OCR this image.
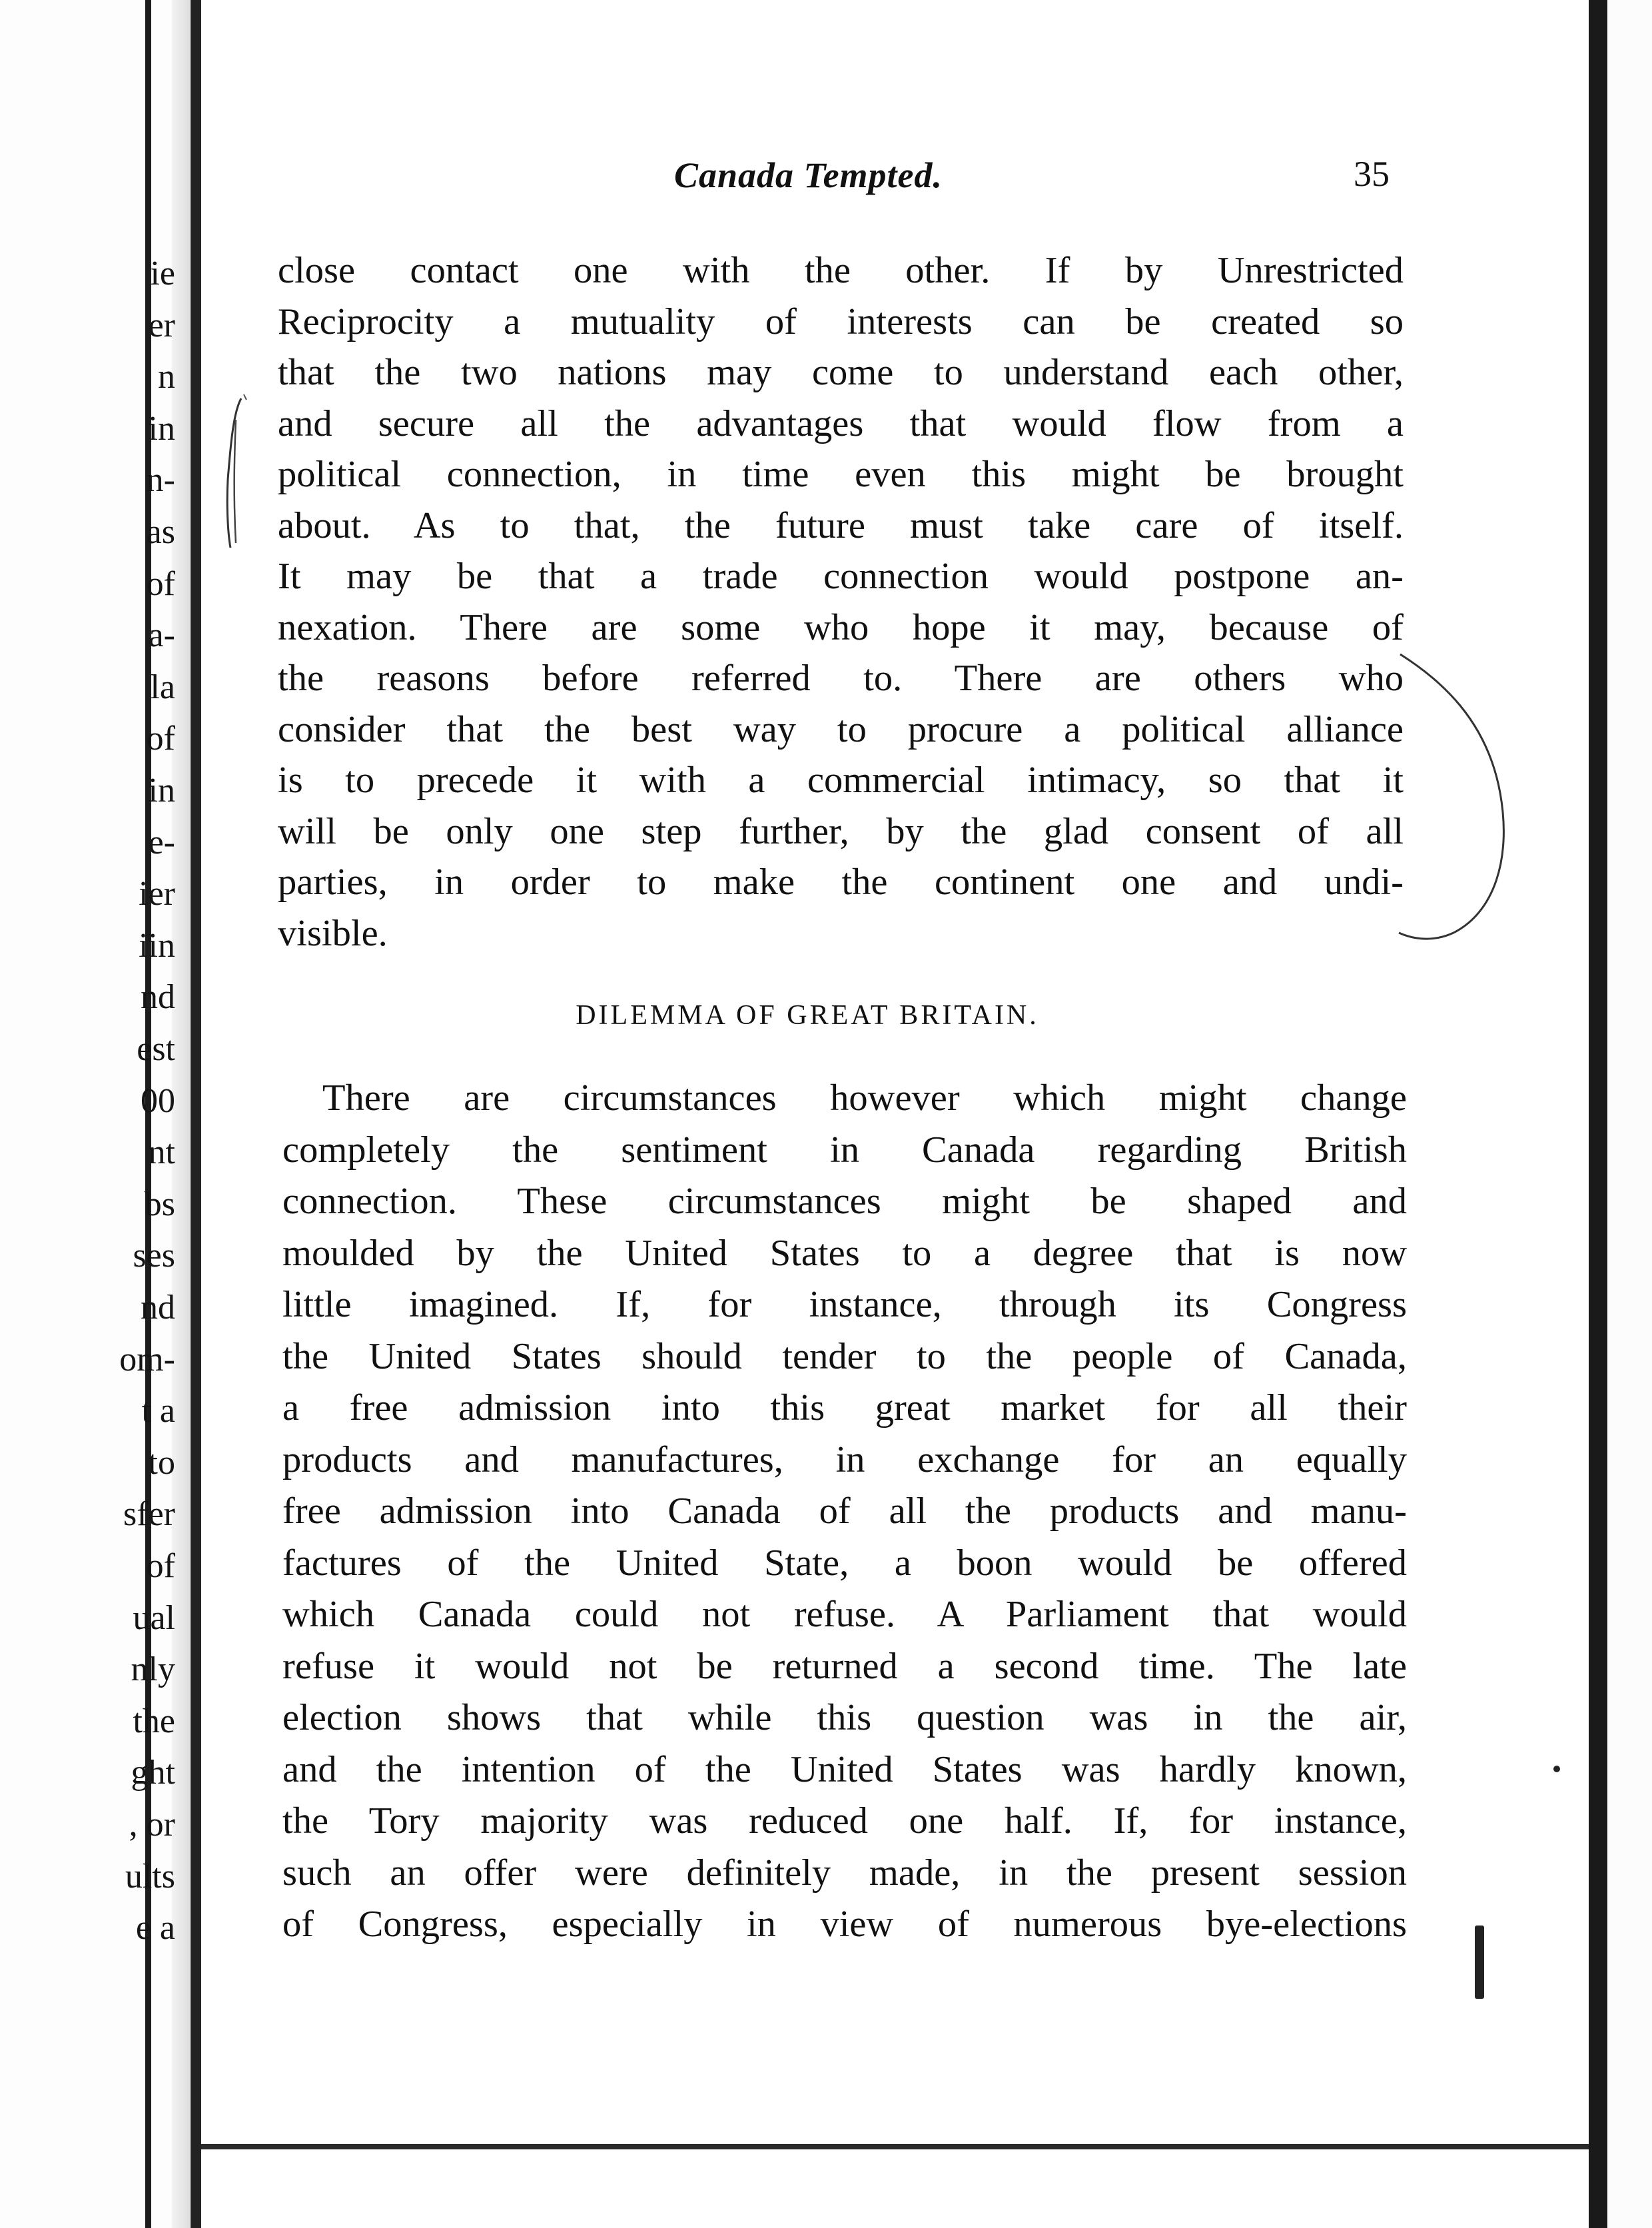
ie
er
n
in
n-
as
of
a-
la
of
in
e-
ier
iin
nd
est
00
nt
bs
ses
nd
om-
t a
to
sfer
of
ual
nly
the
ght
, or
ults
e a
Canada Tempted.	35
close contact one with the other. If by Unrestricted
Reciprocity a mutuality of interests can be created so
that the two nations may come to understand each other,
and secure all the advantages that would flow from a
political connection, in time even this might be brought
about. As to that, the future must take care of itself.
It may be that a trade connection would postpone an-
nexation. There are some who hope it may, because of
the reasons before referred to. There are others who
consider that the best way to procure a political alliance
is to precede it with a commercial intimacy, so that it
will be only one step further, by the glad consent of all
parties, in order to make the continent one and undi-
visible.
DILEMMA OF GREAT BRITAIN.
There are circumstances however which might change
completely the sentiment in Canada regarding British
connection. These circumstances might be shaped and
moulded by the United States to a degree that is now
little imagined. If, for instance, through its Congress
the United States should tender to the people of Canada,
a free admission into this great market for all their
products and manufactures, in exchange for an equally
free admission into Canada of all the products and manu-
factures of the United State, a boon would be offered
which Canada could not refuse. A Parliament that would
refuse it would not be returned a second time. The late
election shows that while this question was in the air,
and the intention of the United States was hardly known,
the Tory majority was reduced one half. If, for instance,
such an offer were definitely made, in the present session
of Congress, especially in view of numerous bye-elections
